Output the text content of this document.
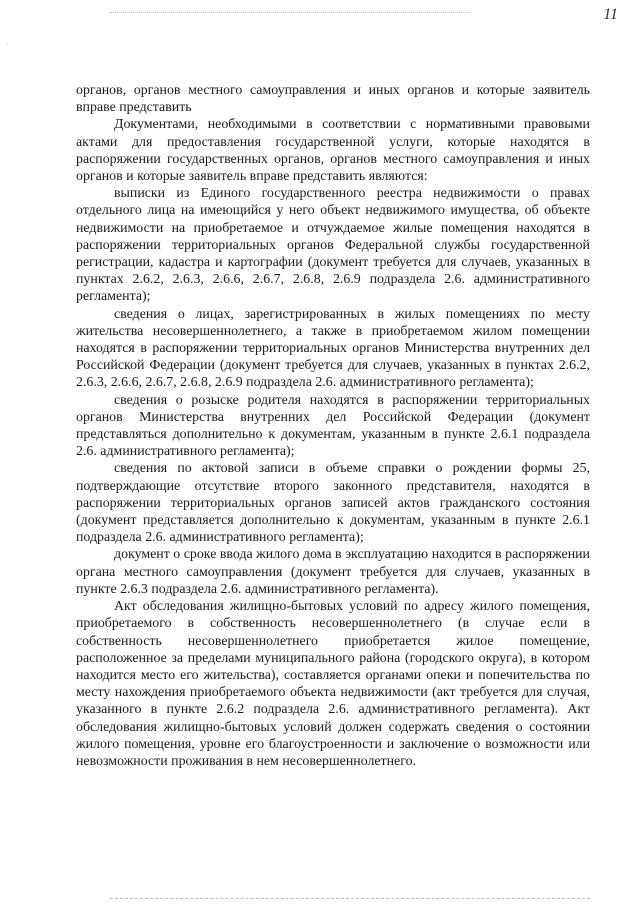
·
11

органов, органов местного самоуправления и иных органов и которые заявитель вправе представить

Документами, необходимыми в соответствии с нормативными правовыми актами для предоставления государственной услуги, которые находятся в распоряжении государственных органов, органов местного самоуправления и иных органов и которые заявитель вправе представить являются:

выписки из Единого государственного реестра недвижимости о правах отдельного лица на имеющийся у него объект недвижимого имущества, об объекте недвижимости на приобретаемое и отчуждаемое жилые помещения находятся в распоряжении территориальных органов Федеральной службы государственной регистрации, кадастра и картографии (документ требуется для случаев, указанных в пунктах 2.6.2, 2.6.3, 2.6.6, 2.6.7, 2.6.8, 2.6.9 подраздела 2.6. административного регламента);

сведения о лицах, зарегистрированных в жилых помещениях по месту жительства несовершеннолетнего, а также в приобретаемом жилом помещении находятся в распоряжении территориальных органов Министерства внутренних дел Российской Федерации (документ требуется для случаев, указанных в пунктах 2.6.2, 2.6.3, 2.6.6, 2.6.7, 2.6.8, 2.6.9 подраздела 2.6. административного регламента);

сведения о розыске родителя находятся в распоряжении территориальных органов Министерства внутренних дел Российской Федерации (документ представляться дополнительно к документам, указанным в пункте 2.6.1 подраздела 2.6. административного регламента);

сведения по актовой записи в объеме справки о рождении формы 25, подтверждающие отсутствие второго законного представителя, находятся в распоряжении территориальных органов записей актов гражданского состояния (документ представляется дополнительно к документам, указанным в пункте 2.6.1 подраздела 2.6. административного регламента);

документ о сроке ввода жилого дома в эксплуатацию находится в распоряжении органа местного самоуправления (документ требуется для случаев, указанных в пункте 2.6.3 подраздела 2.6. административного регламента).

Акт обследования жилищно-бытовых условий по адресу жилого помещения, приобретаемого в собственность несовершеннолетнего (в случае если в собственность несовершеннолетнего приобретается жилое помещение, расположенное за пределами муниципального района (городского округа), в котором находится место его жительства), составляется органами опеки и попечительства по месту нахождения приобретаемого объекта недвижимости (акт требуется для случая, указанного в пункте 2.6.2 подраздела 2.6. административного регламента). Акт обследования жилищно-бытовых условий должен содержать сведения о состоянии жилого помещения, уровне его благоустроенности и заключение о возможности или невозможности проживания в нем несовершеннолетнего.
